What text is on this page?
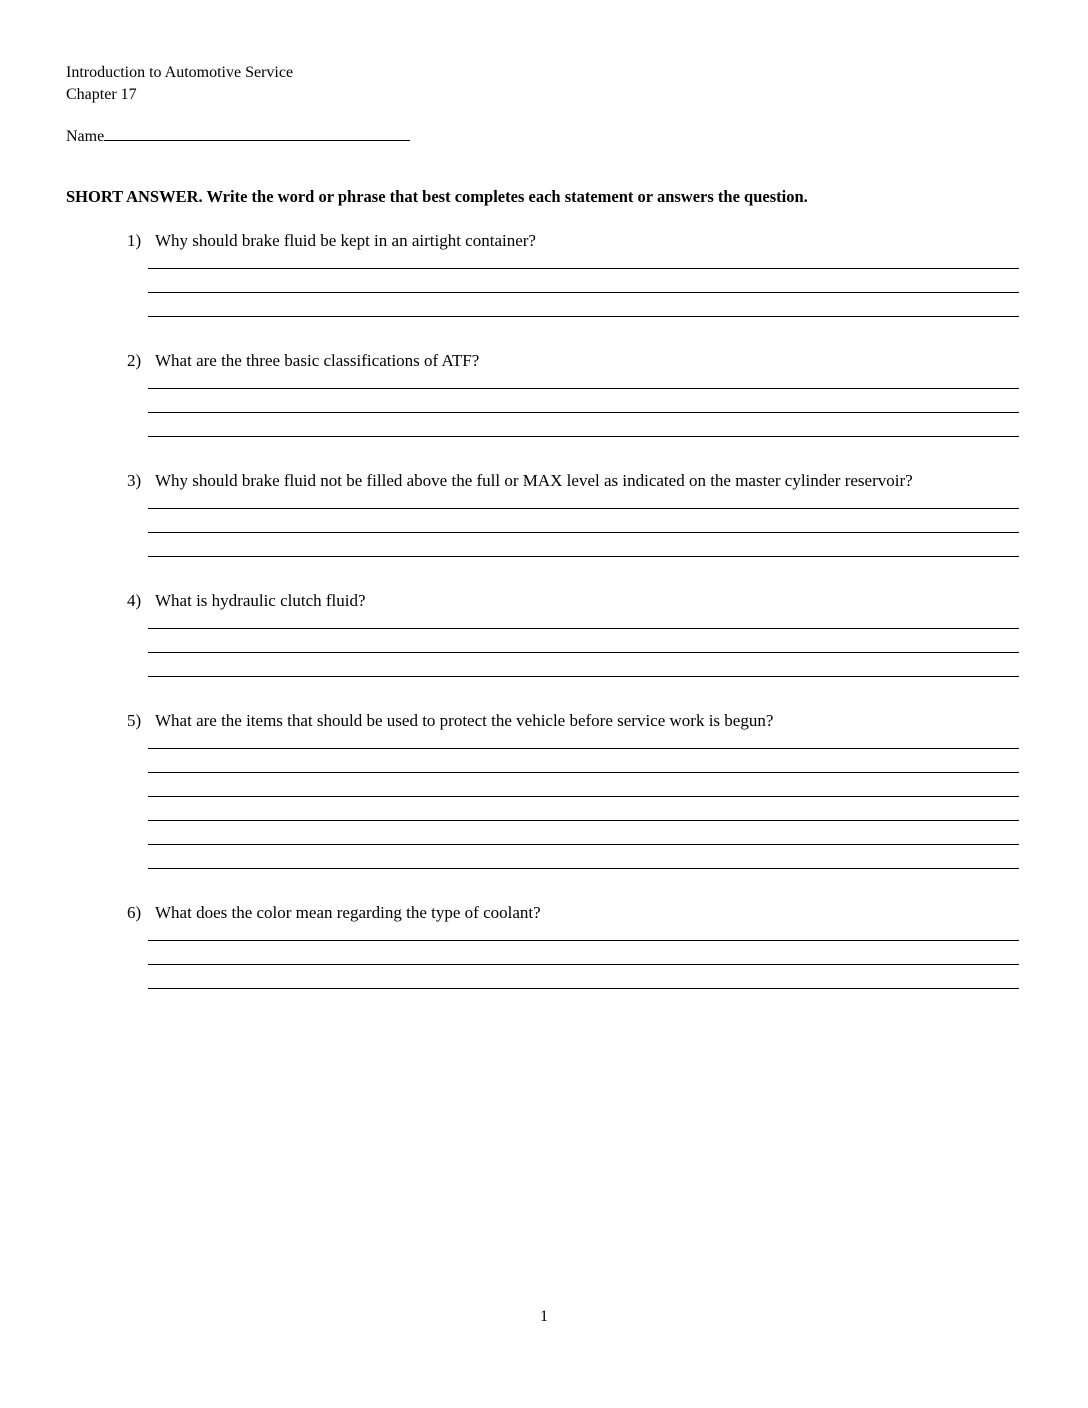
Introduction to Automotive Service
Chapter 17
Name
SHORT ANSWER. Write the word or phrase that best completes each statement or answers the question.
1) Why should brake fluid be kept in an airtight container?
2) What are the three basic classifications of ATF?
3) Why should brake fluid not be filled above the full or MAX level as indicated on the master cylinder reservoir?
4) What is hydraulic clutch fluid?
5) What are the items that should be used to protect the vehicle before service work is begun?
6) What does the color mean regarding the type of coolant?
1
